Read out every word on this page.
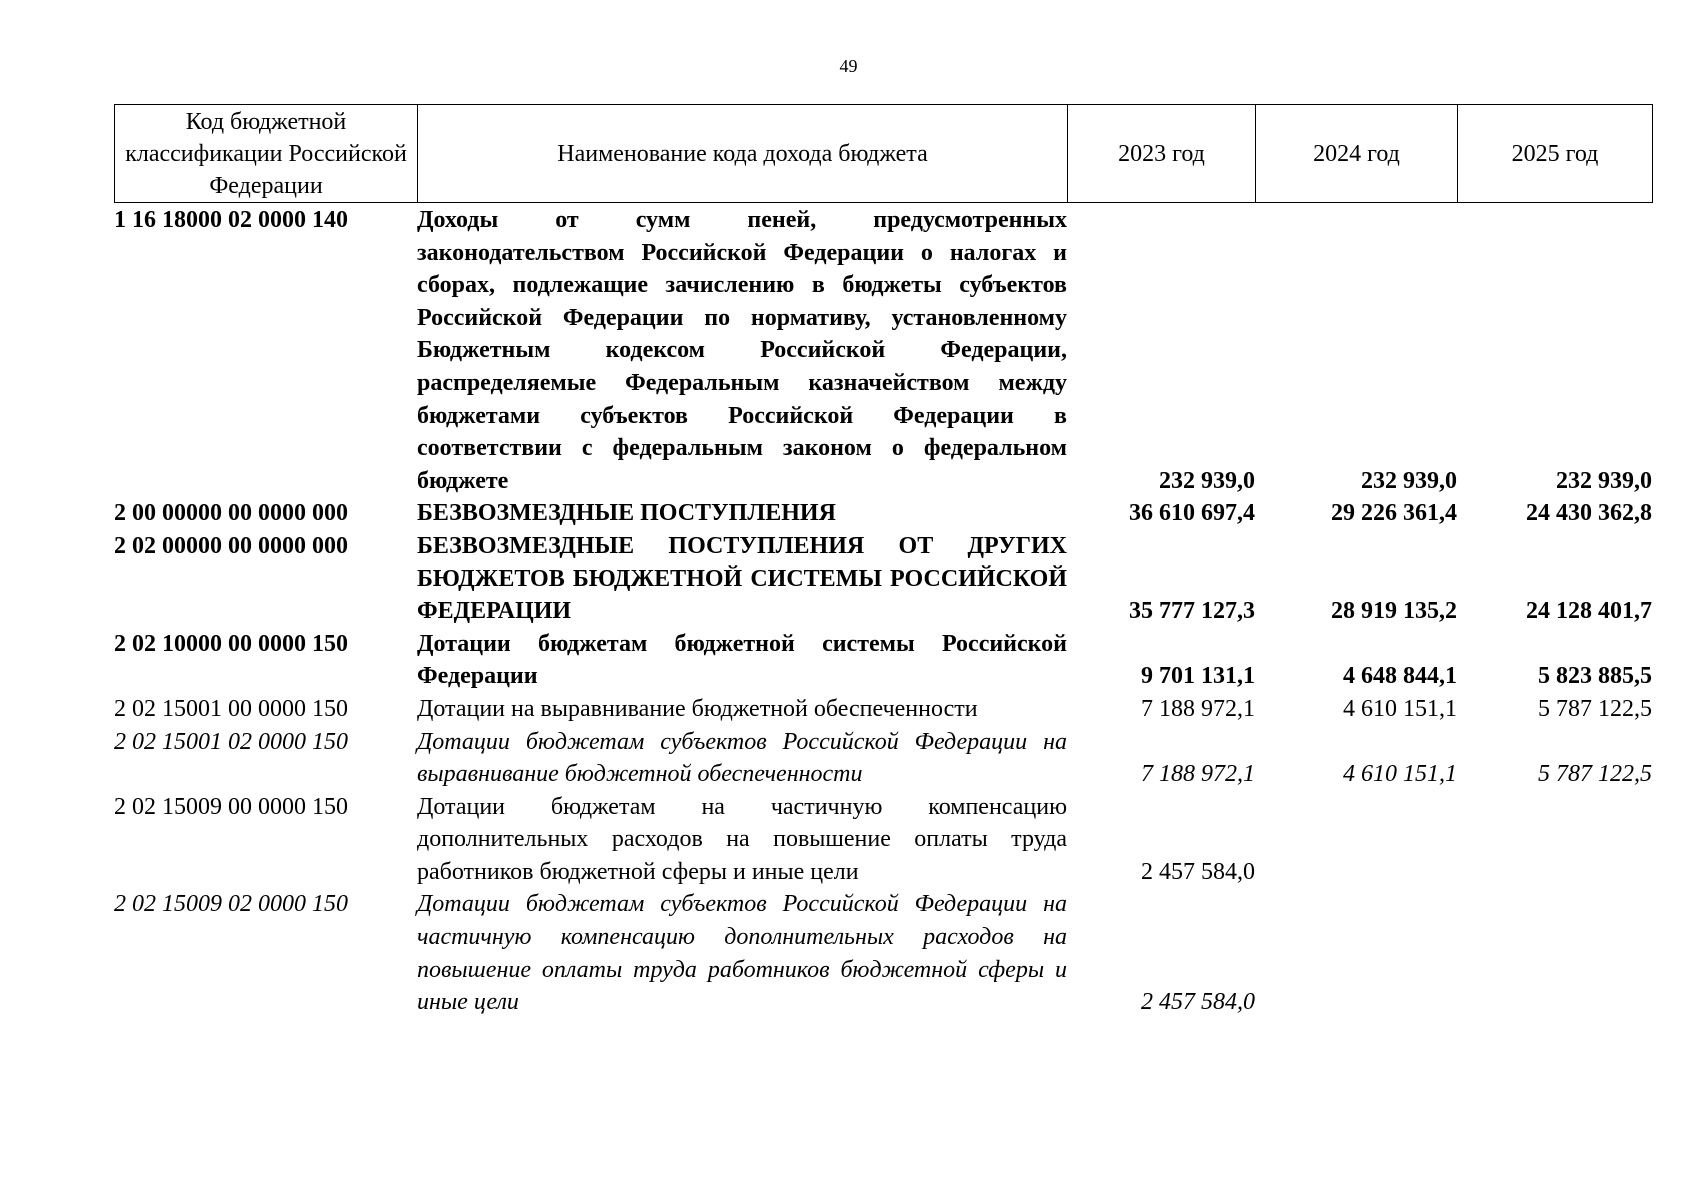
49
Код бюджетной классификации Российской Федерации	Наименование кода дохода бюджета	2023 год	2024 год	2025 год
1 16 18000 02 0000 140	Доходы от сумм пеней, предусмотренных законодательством Российской Федерации о налогах и сборах, подлежащие зачислению в бюджеты субъектов Российской Федерации по нормативу, установленному Бюджетным кодексом Российской Федерации, распределяемые Федеральным казначейством между бюджетами субъектов Российской Федерации в соответствии с федеральным законом о федеральном бюджете	232 939,0	232 939,0	232 939,0
2 00 00000 00 0000 000	БЕЗВОЗМЕЗДНЫЕ ПОСТУПЛЕНИЯ	36 610 697,4	29 226 361,4	24 430 362,8
2 02 00000 00 0000 000	БЕЗВОЗМЕЗДНЫЕ ПОСТУПЛЕНИЯ ОТ ДРУГИХ БЮДЖЕТОВ БЮДЖЕТНОЙ СИСТЕМЫ РОССИЙСКОЙ ФЕДЕРАЦИИ	35 777 127,3	28 919 135,2	24 128 401,7
2 02 10000 00 0000 150	Дотации бюджетам бюджетной системы Российской Федерации	9 701 131,1	4 648 844,1	5 823 885,5
2 02 15001 00 0000 150	Дотации на выравнивание бюджетной обеспеченности	7 188 972,1	4 610 151,1	5 787 122,5
2 02 15001 02 0000 150	Дотации бюджетам субъектов Российской Федерации на выравнивание бюджетной обеспеченности	7 188 972,1	4 610 151,1	5 787 122,5
2 02 15009 00 0000 150	Дотации бюджетам на частичную компенсацию дополнительных расходов на повышение оплаты труда работников бюджетной сферы и иные цели	2 457 584,0		
2 02 15009 02 0000 150	Дотации бюджетам субъектов Российской Федерации на частичную компенсацию дополнительных расходов на повышение оплаты труда работников бюджетной сферы и иные цели	2 457 584,0		
